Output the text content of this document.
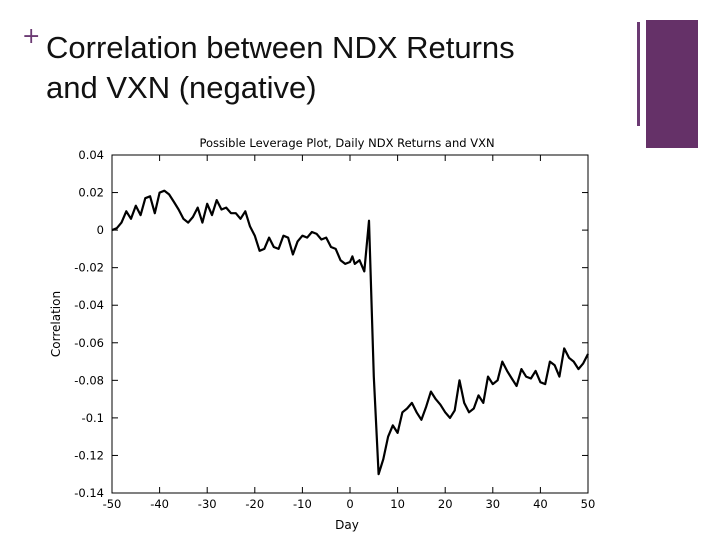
+ Correlation between NDX Returns
and VXN (negative)
0.04
0.02
0
-0.02
-0.04
-0.06
-0.08
-0.1
-0.12
-0.14
-50	-40	-30	-20	-10	0	10	20	30	40	50
Possible Leverage Plot, Daily NDX Returns and VXN
Day
Correlation
